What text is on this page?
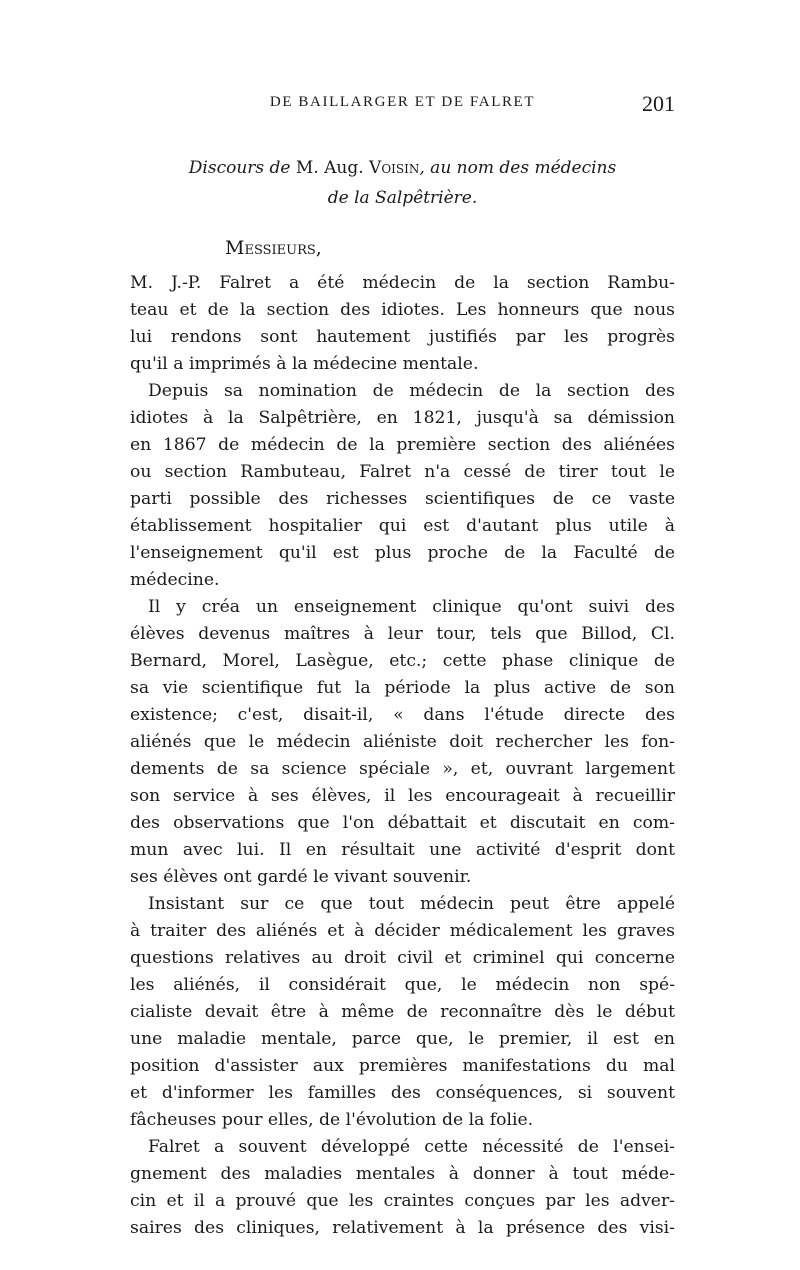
DE BAILLARGER ET DE FALRET	201
Discours de M. Aug. Voisin, au nom des médecins
de la Salpêtrière.
Messieurs,
M. J.-P. Falret a été médecin de la section Rambu-
teau et de la section des idiotes. Les honneurs que nous
lui rendons sont hautement justifiés par les progrès
qu'il a imprimés à la médecine mentale.
Depuis sa nomination de médecin de la section des
idiotes à la Salpêtrière, en 1821, jusqu'à sa démission
en 1867 de médecin de la première section des aliénées
ou section Rambuteau, Falret n'a cessé de tirer tout le
parti possible des richesses scientifiques de ce vaste
établissement hospitalier qui est d'autant plus utile à
l'enseignement qu'il est plus proche de la Faculté de
médecine.
Il y créa un enseignement clinique qu'ont suivi des
élèves devenus maîtres à leur tour, tels que Billod, Cl.
Bernard, Morel, Lasègue, etc.; cette phase clinique de
sa vie scientifique fut la période la plus active de son
existence; c'est, disait-il, « dans l'étude directe des
aliénés que le médecin aliéniste doit rechercher les fon-
dements de sa science spéciale », et, ouvrant largement
son service à ses élèves, il les encourageait à recueillir
des observations que l'on débattait et discutait en com-
mun avec lui. Il en résultait une activité d'esprit dont
ses élèves ont gardé le vivant souvenir.
Insistant sur ce que tout médecin peut être appelé
à traiter des aliénés et à décider médicalement les graves
questions relatives au droit civil et criminel qui concerne
les aliénés, il considérait que, le médecin non spé-
cialiste devait être à même de reconnaître dès le début
une maladie mentale, parce que, le premier, il est en
position d'assister aux premières manifestations du mal
et d'informer les familles des conséquences, si souvent
fâcheuses pour elles, de l'évolution de la folie.
Falret a souvent développé cette nécessité de l'ensei-
gnement des maladies mentales à donner à tout méde-
cin et il a prouvé que les craintes conçues par les adver-
saires des cliniques, relativement à la présence des visi-
